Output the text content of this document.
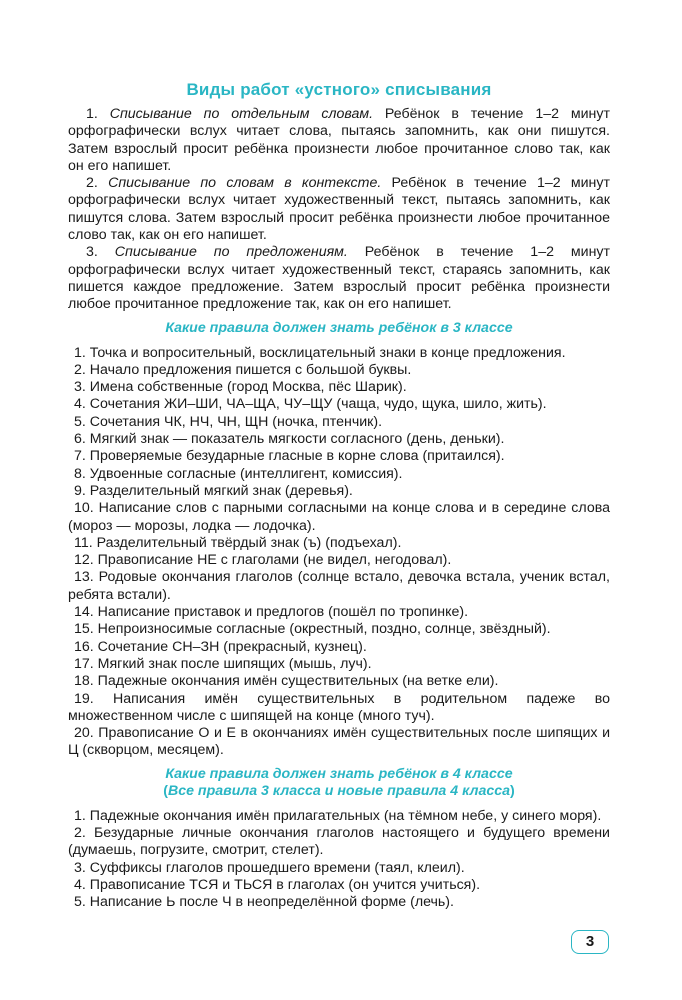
Виды работ «устного» списывания

1. Списывание по отдельным словам. Ребёнок в течение 1–2 минут орфографически вслух читает слова, пытаясь запомнить, как они пишутся. Затем взрослый просит ребёнка произнести любое прочитанное слово так, как он его напишет.

2. Списывание по словам в контексте. Ребёнок в течение 1–2 минут орфографически вслух читает художественный текст, пытаясь запомнить, как пишутся слова. Затем взрослый просит ребёнка произнести любое прочитанное слово так, как он его напишет.

3. Списывание по предложениям. Ребёнок в течение 1–2 минут орфографически вслух читает художественный текст, стараясь запомнить, как пишется каждое предложение. Затем взрослый просит ребёнка произнести любое прочитанное предложение так, как он его напишет.

Какие правила должен знать ребёнок в 3 классе
1. Точка и вопросительный, восклицательный знаки в конце предложения.
2. Начало предложения пишется с большой буквы.
3. Имена собственные (город Москва, пёс Шарик).
4. Сочетания ЖИ–ШИ, ЧА–ЩА, ЧУ–ЩУ (чаща, чудо, щука, шило, жить).
5. Сочетания ЧК, НЧ, ЧН, ЩН (ночка, птенчик).
6. Мягкий знак — показатель мягкости согласного (день, деньки).
7. Проверяемые безударные гласные в корне слова (притаился).
8. Удвоенные согласные (интеллигент, комиссия).
9. Разделительный мягкий знак (деревья).
10. Написание слов с парными согласными на конце слова и в середине слова (мороз — морозы, лодка — лодочка).
11. Разделительный твёрдый знак (ъ) (подъехал).
12. Правописание НЕ с глаголами (не видел, негодовал).
13. Родовые окончания глаголов (солнце встало, девочка встала, ученик встал, ребята встали).
14. Написание приставок и предлогов (пошёл по тропинке).
15. Непроизносимые согласные (окрестный, поздно, солнце, звёздный).
16. Сочетание СН–ЗН (прекрасный, кузнец).
17. Мягкий знак после шипящих (мышь, луч).
18. Падежные окончания имён существительных (на ветке ели).
19. Написания имён существительных в родительном падеже во множественном числе с шипящей на конце (много туч).
20. Правописание О и Е в окончаниях имён существительных после шипящих и Ц (скворцом, месяцем).
Какие правила должен знать ребёнок в 4 классе
(Все правила 3 класса и новые правила 4 класса)
1. Падежные окончания имён прилагательных (на тёмном небе, у синего моря).
2. Безударные личные окончания глаголов настоящего и будущего времени (думаешь, погрузите, смотрит, стелет).
3. Суффиксы глаголов прошедшего времени (таял, клеил).
4. Правописание ТСЯ и ТЬСЯ в глаголах (он учится учиться).
5. Написание Ь после Ч в неопределённой форме (лечь).
3
